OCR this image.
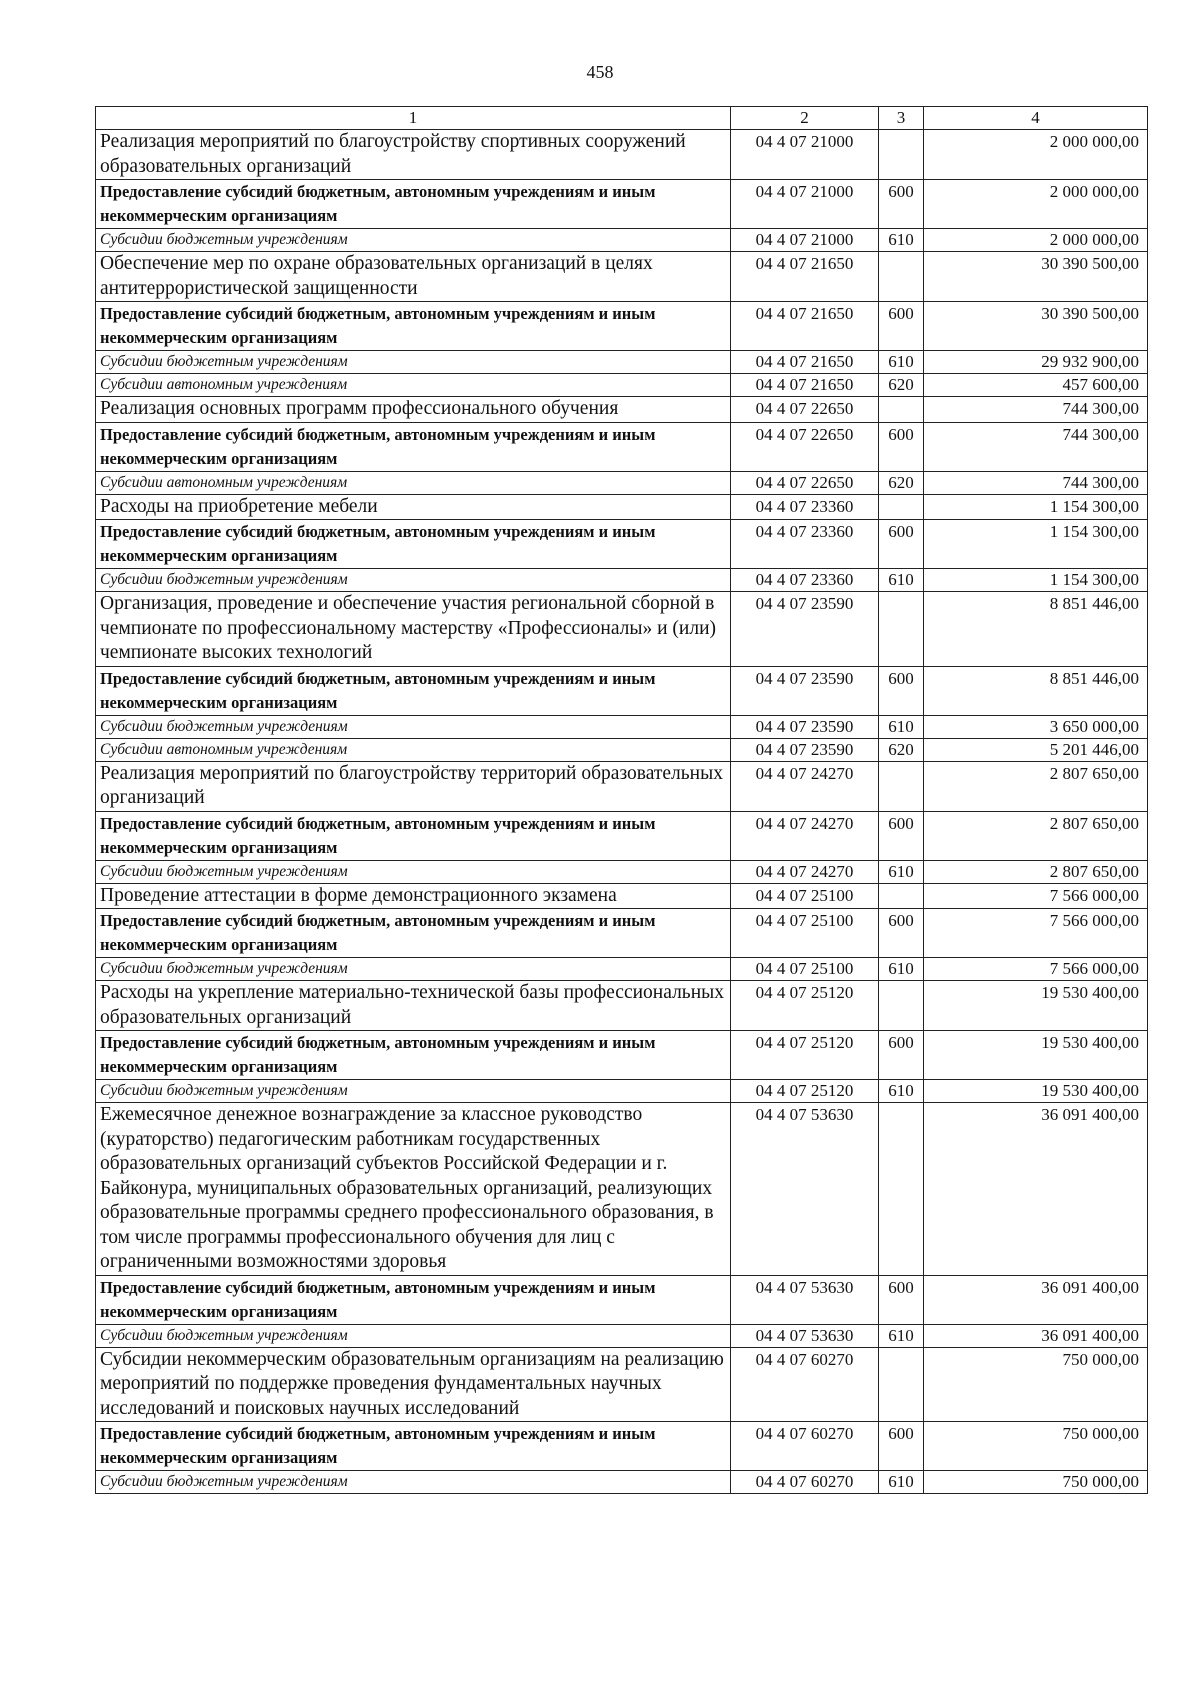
458
1	2	3	4
Реализация мероприятий по благоустройству спортивных сооружений образовательных организаций	04 4 07 21000		2 000 000,00
Предоставление субсидий бюджетным, автономным учреждениям и иным некоммерческим организациям	04 4 07 21000	600	2 000 000,00
Субсидии бюджетным учреждениям	04 4 07 21000	610	2 000 000,00
Обеспечение мер по охране образовательных организаций в целях антитеррористической защищенности	04 4 07 21650		30 390 500,00
Предоставление субсидий бюджетным, автономным учреждениям и иным некоммерческим организациям	04 4 07 21650	600	30 390 500,00
Субсидии бюджетным учреждениям	04 4 07 21650	610	29 932 900,00
Субсидии автономным учреждениям	04 4 07 21650	620	457 600,00
Реализация основных программ профессионального обучения	04 4 07 22650		744 300,00
Предоставление субсидий бюджетным, автономным учреждениям и иным некоммерческим организациям	04 4 07 22650	600	744 300,00
Субсидии автономным учреждениям	04 4 07 22650	620	744 300,00
Расходы на приобретение мебели	04 4 07 23360		1 154 300,00
Предоставление субсидий бюджетным, автономным учреждениям и иным некоммерческим организациям	04 4 07 23360	600	1 154 300,00
Субсидии бюджетным учреждениям	04 4 07 23360	610	1 154 300,00
Организация, проведение и обеспечение участия региональной сборной в чемпионате по профессиональному мастерству «Профессионалы» и (или) чемпионате высоких технологий	04 4 07 23590		8 851 446,00
Предоставление субсидий бюджетным, автономным учреждениям и иным некоммерческим организациям	04 4 07 23590	600	8 851 446,00
Субсидии бюджетным учреждениям	04 4 07 23590	610	3 650 000,00
Субсидии автономным учреждениям	04 4 07 23590	620	5 201 446,00
Реализация мероприятий по благоустройству территорий образовательных организаций	04 4 07 24270		2 807 650,00
Предоставление субсидий бюджетным, автономным учреждениям и иным некоммерческим организациям	04 4 07 24270	600	2 807 650,00
Субсидии бюджетным учреждениям	04 4 07 24270	610	2 807 650,00
Проведение аттестации в форме демонстрационного экзамена	04 4 07 25100		7 566 000,00
Предоставление субсидий бюджетным, автономным учреждениям и иным некоммерческим организациям	04 4 07 25100	600	7 566 000,00
Субсидии бюджетным учреждениям	04 4 07 25100	610	7 566 000,00
Расходы на укрепление материально-технической базы профессиональных образовательных организаций	04 4 07 25120		19 530 400,00
Предоставление субсидий бюджетным, автономным учреждениям и иным некоммерческим организациям	04 4 07 25120	600	19 530 400,00
Субсидии бюджетным учреждениям	04 4 07 25120	610	19 530 400,00
Ежемесячное денежное вознаграждение за классное руководство (кураторство) педагогическим работникам государственных образовательных организаций субъектов Российской Федерации и г. Байконура, муниципальных образовательных организаций, реализующих образовательные программы среднего профессионального образования, в том числе программы профессионального обучения для лиц с ограниченными возможностями здоровья	04 4 07 53630		36 091 400,00
Предоставление субсидий бюджетным, автономным учреждениям и иным некоммерческим организациям	04 4 07 53630	600	36 091 400,00
Субсидии бюджетным учреждениям	04 4 07 53630	610	36 091 400,00
Субсидии некоммерческим образовательным организациям на реализацию мероприятий по поддержке проведения фундаментальных научных исследований и поисковых научных исследований	04 4 07 60270		750 000,00
Предоставление субсидий бюджетным, автономным учреждениям и иным некоммерческим организациям	04 4 07 60270	600	750 000,00
Субсидии бюджетным учреждениям	04 4 07 60270	610	750 000,00
